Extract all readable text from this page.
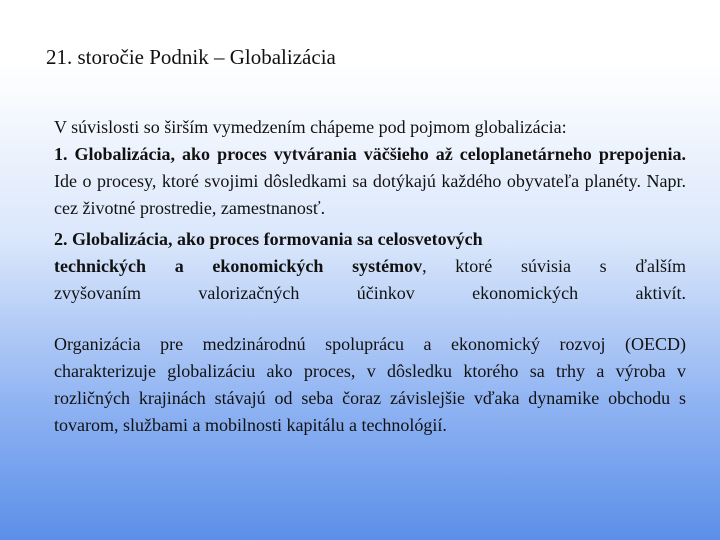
21. storočie Podnik – Globalizácia

V súvislosti so širším vymedzením chápeme pod pojmom globalizácia:
1. Globalizácia, ako proces vytvárania väčšieho až celoplanetárneho prepojenia. Ide o procesy, ktoré svojimi dôsledkami sa dotýkajú každého obyvateľa planéty. Napr. cez životné prostredie, zamestnanosť.

2. Globalizácia, ako proces formovania sa celosvetových
technických a ekonomických systémov, ktoré súvisia s ďalším
zvyšovaním valorizačných účinkov ekonomických aktivít.

Organizácia pre medzinárodnú spoluprácu a ekonomický rozvoj (OECD) charakterizuje globalizáciu ako proces, v dôsledku ktorého sa trhy a výroba v rozličných krajinách stávajú od seba čoraz závislejšie vďaka dynamike obchodu s tovarom, službami a mobilnosti kapitálu a technológií.
